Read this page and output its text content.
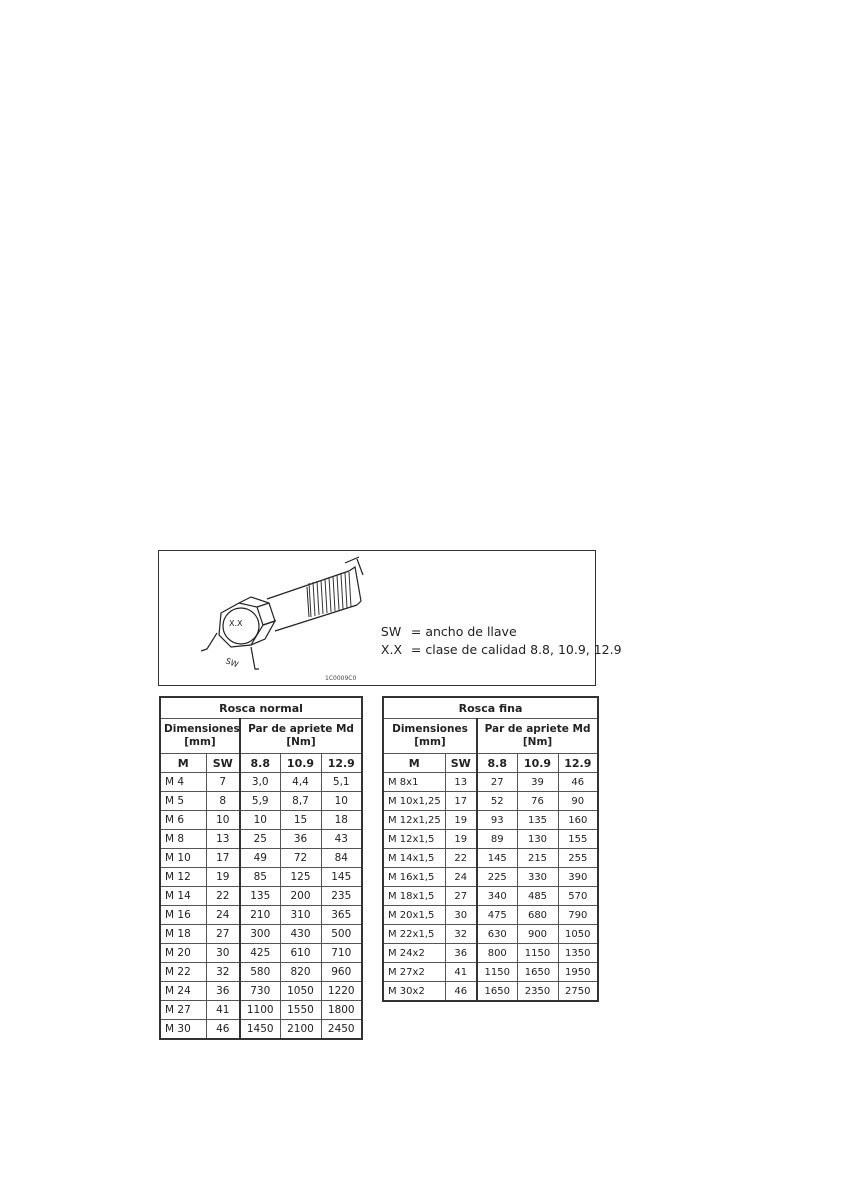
X.X
SW

SW = ancho de llave

X.X = clase de calidad 8.8, 10.9, 12.9

1C0009C0
Rosca normal				
Dimensiones
[mm]		Par de apriete Md
[Nm]		
M	SW	8.8	10.9	12.9
M 4	7	3,0	4,4	5,1
M 5	8	5,9	8,7	10
M 6	10	10	15	18
M 8	13	25	36	43
M 10	17	49	72	84
M 12	19	85	125	145
M 14	22	135	200	235
M 16	24	210	310	365
M 18	27	300	430	500
M 20	30	425	610	710
M 22	32	580	820	960
M 24	36	730	1050	1220
M 27	41	1100	1550	1800
M 30	46	1450	2100	2450
Rosca fina				
Dimensiones
[mm]		Par de apriete Md
[Nm]		
M	SW	8.8	10.9	12.9
M 8x1	13	27	39	46
M 10x1,25	17	52	76	90
M 12x1,25	19	93	135	160
M 12x1,5	19	89	130	155
M 14x1,5	22	145	215	255
M 16x1,5	24	225	330	390
M 18x1,5	27	340	485	570
M 20x1,5	30	475	680	790
M 22x1,5	32	630	900	1050
M 24x2	36	800	1150	1350
M 27x2	41	1150	1650	1950
M 30x2	46	1650	2350	2750
